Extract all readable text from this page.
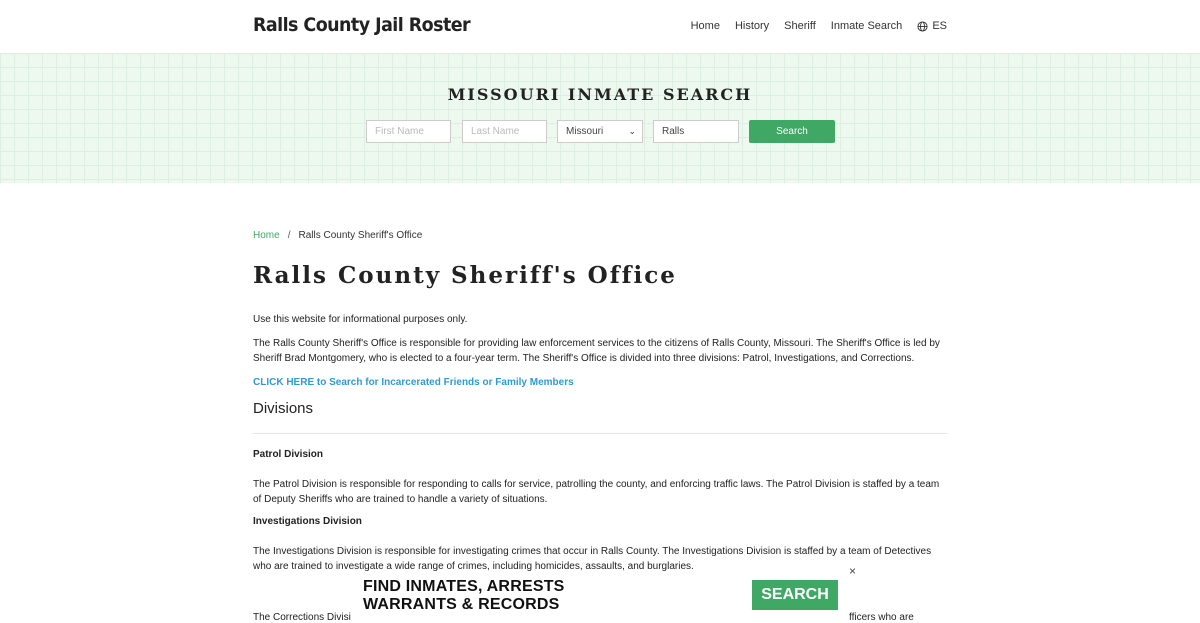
Ralls County Jail Roster	Home History Sheriff Inmate Search	ES
MISSOURI INMATE SEARCH
First Name	Last Name	Missouri	⌄	Ralls	Search
Home / Ralls County Sheriff's Office
Ralls County Sheriff's Office

Use this website for informational purposes only.

The Ralls County Sheriff's Office is responsible for providing law enforcement services to the citizens of Ralls County, Missouri. The Sheriff's Office is led by Sheriff Brad Montgomery, who is elected to a four-year term. The Sheriff's Office is divided into three divisions: Patrol, Investigations, and Corrections.

CLICK HERE to Search for Incarcerated Friends or Family Members
Divisions
Patrol Division

The Patrol Division is responsible for responding to calls for service, patrolling the county, and enforcing traffic laws. The Patrol Division is staffed by a team of Deputy Sheriffs who are trained to handle a variety of situations.

Investigations Division

The Investigations Division is responsible for investigating crimes that occur in Ralls County. The Investigations Division is staffed by a team of Detectives who are trained to investigate a wide range of crimes, including homicides, assaults, and burglaries.

FIND INMATES, ARRESTS
WARRANTS & RECORDS
SEARCH
×
The Corrections Divisi	fficers who are
